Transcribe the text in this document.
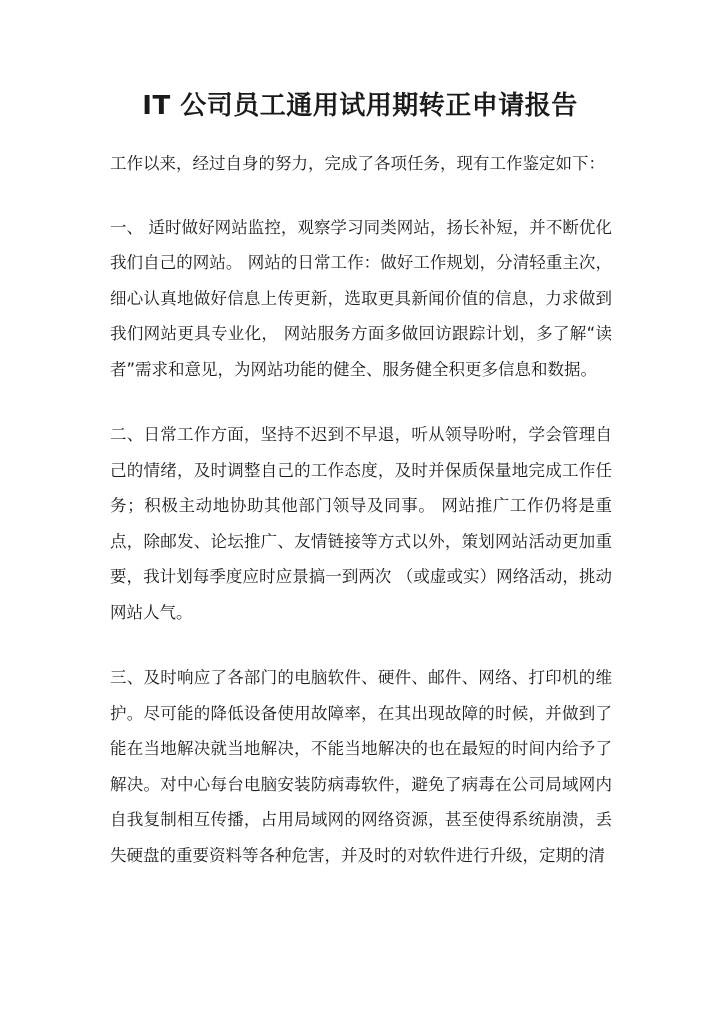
IT 公司员工通用试用期转正申请报告

工作以来，经过自身的努力，完成了各项任务，现有工作鉴定如下：

一、 适时做好网站监控，观察学习同类网站，扬长补短，并不断优化我们自己的网站。 网站的日常工作：做好工作规划，分清轻重主次，细心认真地做好信息上传更新，选取更具新闻价值的信息，力求做到我们网站更具专业化， 网站服务方面多做回访跟踪计划，多了解“读者”需求和意见，为网站功能的健全、服务健全积更多信息和数据。

二、日常工作方面，坚持不迟到不早退，听从领导吩咐，学会管理自己的情绪，及时调整自己的工作态度，及时并保质保量地完成工作任务；积极主动地协助其他部门领导及同事。 网站推广工作仍将是重点，除邮发、论坛推广、友情链接等方式以外，策划网站活动更加重要，我计划每季度应时应景搞一到两次 （或虚或实）网络活动，挑动网站人气。

三、及时响应了各部门的电脑软件、硬件、邮件、网络、打印机的维护。尽可能的降低设备使用故障率，在其出现故障的时候，并做到了能在当地解决就当地解决，不能当地解决的也在最短的时间内给予了解决。对中心每台电脑安装防病毒软件，避免了病毒在公司局域网内自我复制相互传播，占用局域网的网络资源，甚至使得系统崩溃，丢失硬盘的重要资料等各种危害，并及时的对软件进行升级，定期的清
